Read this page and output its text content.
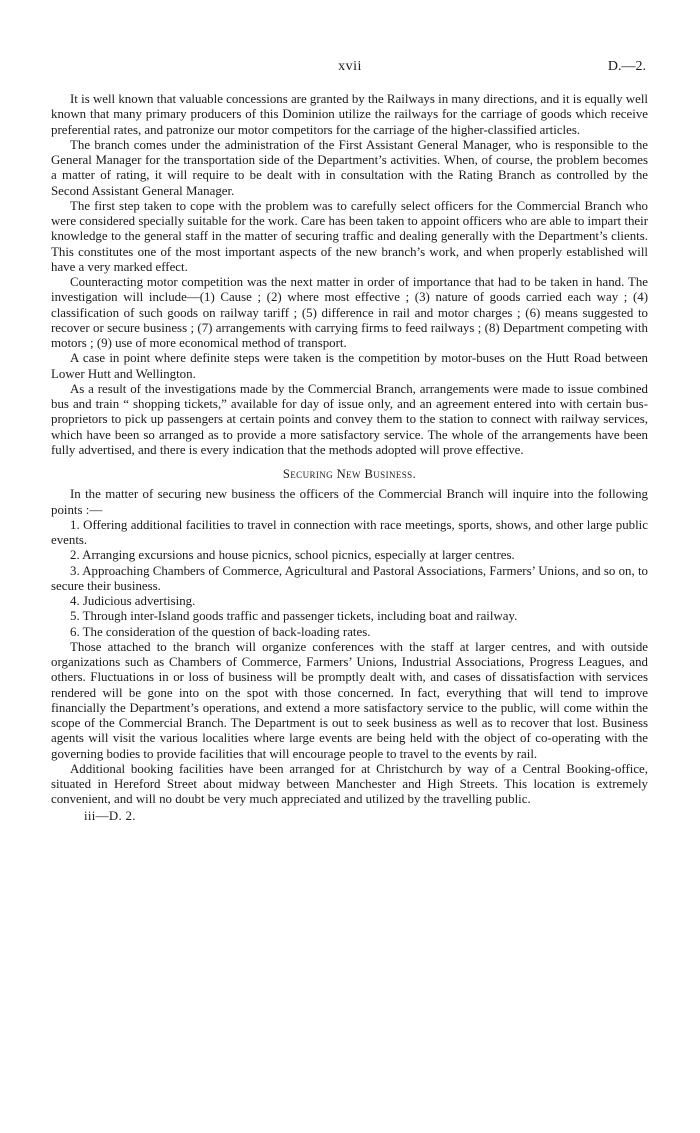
xvii	D.—2.

It is well known that valuable concessions are granted by the Railways in many directions, and it is equally well known that many primary producers of this Dominion utilize the railways for the carriage of goods which receive preferential rates, and patronize our motor competitors for the carriage of the higher-classified articles.

The branch comes under the administration of the First Assistant General Manager, who is responsible to the General Manager for the transportation side of the Department’s activities. When, of course, the problem becomes a matter of rating, it will require to be dealt with in consultation with the Rating Branch as controlled by the Second Assistant General Manager.

The first step taken to cope with the problem was to carefully select officers for the Commercial Branch who were considered specially suitable for the work. Care has been taken to appoint officers who are able to impart their knowledge to the general staff in the matter of securing traffic and dealing generally with the Department’s clients. This constitutes one of the most important aspects of the new branch’s work, and when properly established will have a very marked effect.

Counteracting motor competition was the next matter in order of importance that had to be taken in hand. The investigation will include—(1) Cause ; (2) where most effective ; (3) nature of goods carried each way ; (4) classification of such goods on railway tariff ; (5) difference in rail and motor charges ; (6) means suggested to recover or secure business ; (7) arrangements with carrying firms to feed railways ; (8) Department competing with motors ; (9) use of more economical method of transport.

A case in point where definite steps were taken is the competition by motor-buses on the Hutt Road between Lower Hutt and Wellington.

As a result of the investigations made by the Commercial Branch, arrangements were made to issue combined bus and train “ shopping tickets,” available for day of issue only, and an agreement entered into with certain bus-proprietors to pick up passengers at certain points and convey them to the station to connect with railway services, which have been so arranged as to provide a more satisfactory service. The whole of the arrangements have been fully advertised, and there is every indication that the methods adopted will prove effective.

Securing New Business.

In the matter of securing new business the officers of the Commercial Branch will inquire into the following points :—

1. Offering additional facilities to travel in connection with race meetings, sports, shows, and other large public events.

2. Arranging excursions and house picnics, school picnics, especially at larger centres.

3. Approaching Chambers of Commerce, Agricultural and Pastoral Associations, Farmers’ Unions, and so on, to secure their business.

4. Judicious advertising.

5. Through inter-Island goods traffic and passenger tickets, including boat and railway.

6. The consideration of the question of back-loading rates.

Those attached to the branch will organize conferences with the staff at larger centres, and with outside organizations such as Chambers of Commerce, Farmers’ Unions, Industrial Associations, Progress Leagues, and others. Fluctuations in or loss of business will be promptly dealt with, and cases of dissatisfaction with services rendered will be gone into on the spot with those concerned. In fact, everything that will tend to improve financially the Department’s operations, and extend a more satisfactory service to the public, will come within the scope of the Commercial Branch. The Department is out to seek business as well as to recover that lost. Business agents will visit the various localities where large events are being held with the object of co-operating with the governing bodies to provide facilities that will encourage people to travel to the events by rail.

Additional booking facilities have been arranged for at Christchurch by way of a Central Booking-office, situated in Hereford Street about midway between Manchester and High Streets. This location is extremely convenient, and will no doubt be very much appreciated and utilized by the travelling public.

iii—D. 2.
